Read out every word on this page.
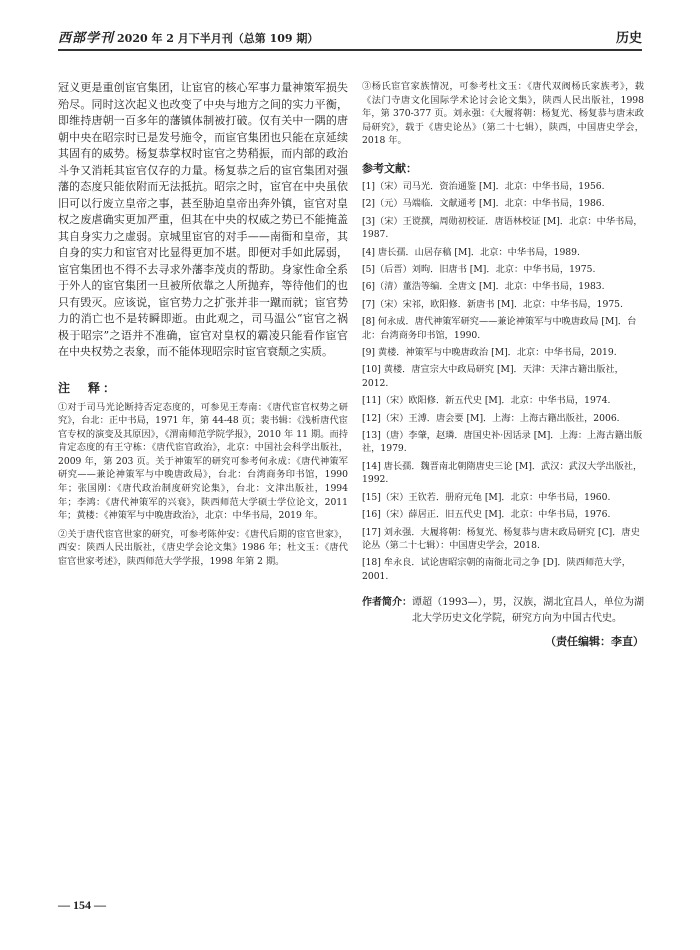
西部学刊 2020 年 2 月下半月刊（总第 109 期）	历史

冠义更是重创宦官集团，让宦官的核心军事力量神策军损失殆尽。同时这次起义也改变了中央与地方之间的实力平衡，即维持唐朝一百多年的藩镇体制被打破。仅有关中一隅的唐朝中央在昭宗时已是发号施令，而宦官集团也只能在京延续其固有的威势。杨复恭掌权时宦官之势稍振，而内部的政治斗争又消耗其宦官仅存的力量。杨复恭之后的宦官集团对强藩的态度只能依附而无法抵抗。昭宗之时，宦官在中央虽依旧可以行废立皇帝之事，甚至胁迫皇帝出奔外镇，宦官对皇权之废虐确实更加严重，但其在中央的权威之势已不能掩盖其自身实力之虚弱。京城里宦官的对手——南衙和皇帝，其自身的实力和宦官对比显得更加不堪。即便对手如此孱弱，宦官集团也不得不去寻求外藩李茂贞的帮助。身家性命全系于外人的宦官集团一旦被所依靠之人所抛弃，等待他们的也只有毁灭。应该说，宦官势力之扩张并非一蹴而就；宦官势力的消亡也不是转瞬即逝。由此观之，司马温公“宦官之祸极于昭宗”之语并不准确，宦官对皇权的霸凌只能看作宦官在中央权势之表象，而不能体现昭宗时宦官衰颓之实质。

注　释：

①对于司马光论断持否定态度的，可参见王寿南：《唐代宦官权势之研究》，台北：正中书局，1971 年，第 44-48 页；裴书辑：《浅析唐代宦官专权的演变及其原因》，《渭南师范学院学报》，2010 年 11 期。而持肯定态度的有王守栋：《唐代宦官政治》，北京：中国社会科学出版社，2009 年，第 203 页。关于神策军的研究可参考何永成：《唐代神策军研究——兼论神策军与中晚唐政局》，台北：台湾商务印书馆，1990 年；张国刚：《唐代政治制度研究论集》，台北：文津出版社，1994 年；李鸿：《唐代神策军的兴衰》，陕西师范大学硕士学位论文，2011 年；黄楼：《神策军与中晚唐政治》，北京：中华书局，2019 年。

②关于唐代宦官世家的研究，可参考陈仲安：《唐代后期的宦官世家》，西安：陕西人民出版社，《唐史学会论文集》1986 年；杜文玉：《唐代宦官世家考述》，陕西师范大学学报，1998 年第 2 期。

③杨氏宦官家族情况，可参考杜文玉：《唐代双阀杨氏家族考》，载《法门寺唐文化国际学术论讨会论文集》，陕西人民出版社，1998 年，第 370-377 页。刘永强：《大履将朝：杨复光、杨复恭与唐末政局研究》，载于《唐史论丛》（第二十七辑），陕西，中国唐史学会，2018 年。

参考文献：

[1]（宋）司马光．资治通鉴 [M]．北京：中华书局，1956.

[2]（元）马端临．文献通考 [M]．北京：中华书局，1986.

[3]（宋）王谠撰，周勋初校证．唐语林校证 [M]．北京：中华书局，1987.

[4] 唐长孺．山居存稿 [M]．北京：中华书局，1989.

[5]（后晋）刘昫．旧唐书 [M]．北京：中华书局，1975.

[6]（清）董浩等编．全唐文 [M]．北京：中华书局，1983.

[7]（宋）宋祁，欧阳修．新唐书 [M]．北京：中华书局，1975.

[8] 何永成．唐代神策军研究——兼论神策军与中晚唐政局 [M]．台北：台湾商务印书馆，1990.

[9] 黄楼．神策军与中晚唐政治 [M]．北京：中华书局，2019.

[10] 黄楼．唐宣宗大中政局研究 [M]．天津：天津古籍出版社，2012.

[11]（宋）欧阳修．新五代史 [M]．北京：中华书局，1974.

[12]（宋）王溥．唐会要 [M]．上海：上海古籍出版社，2006.

[13]（唐）李肇，赵璘．唐国史补·因话录 [M]．上海：上海古籍出版社，1979.

[14] 唐长孺．魏晋南北朝隋唐史三论 [M]．武汉：武汉大学出版社，1992.

[15]（宋）王钦若．册府元龟 [M]．北京：中华书局，1960.

[16]（宋）薛居正．旧五代史 [M]．北京：中华书局，1976.

[17] 刘永强．大履将朝：杨复光、杨复恭与唐末政局研究 [C]．唐史论丛（第二十七辑）：中国唐史学会，2018.

[18] 牟永良．试论唐昭宗朝的南衙北司之争 [D]．陕西师范大学，2001.

作者简介： 谭超（1993—），男，汉族，湖北宜昌人，单位为湖北大学历史文化学院，研究方向为中国古代史。
（责任编辑：李直）
— 154 —
